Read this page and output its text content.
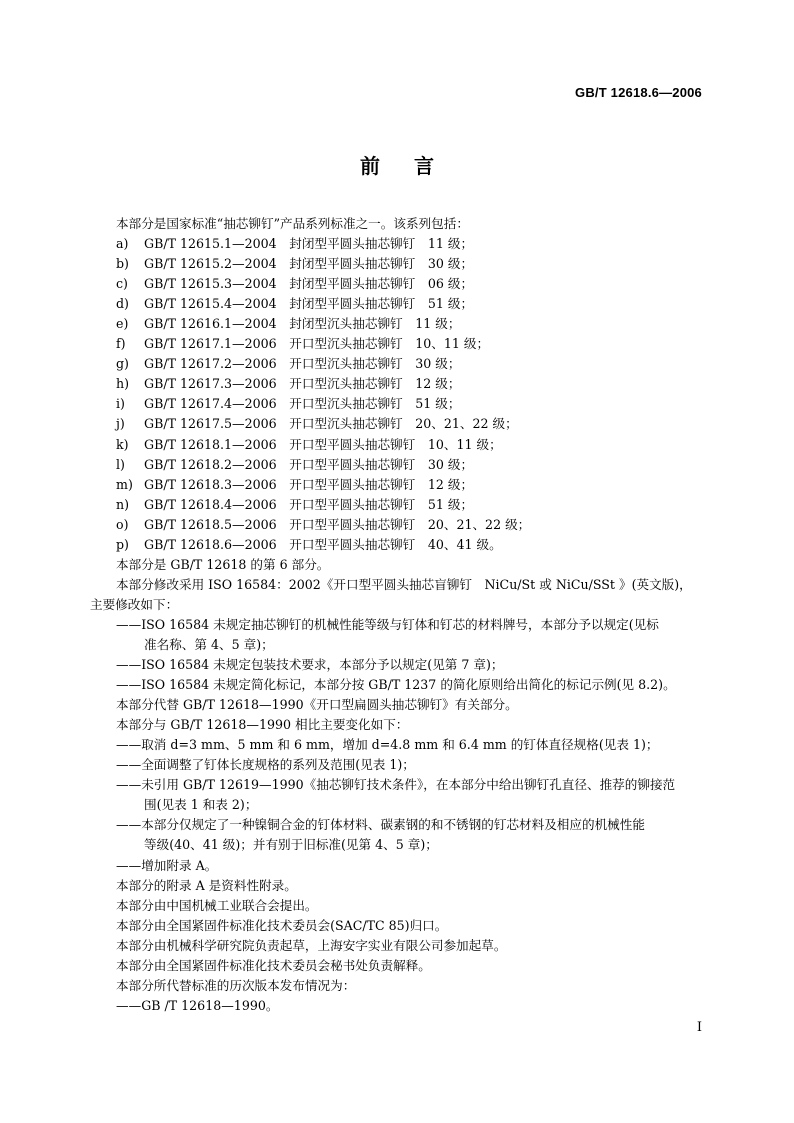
GB/T 12618.6—2006
前言

本部分是国家标准“抽芯铆钉”产品系列标准之一。该系列包括：

a) GB/T 12615.1—2004　封闭型平圆头抽芯铆钉　11 级；

b) GB/T 12615.2—2004　封闭型平圆头抽芯铆钉　30 级；

c) GB/T 12615.3—2004　封闭型平圆头抽芯铆钉　06 级；

d) GB/T 12615.4—2004　封闭型平圆头抽芯铆钉　51 级；

e) GB/T 12616.1—2004　封闭型沉头抽芯铆钉　11 级；

f) GB/T 12617.1—2006　开口型沉头抽芯铆钉　10、11 级；

g) GB/T 12617.2—2006　开口型沉头抽芯铆钉　30 级；

h) GB/T 12617.3—2006　开口型沉头抽芯铆钉　12 级；

i) GB/T 12617.4—2006　开口型沉头抽芯铆钉　51 级；

j) GB/T 12617.5—2006　开口型沉头抽芯铆钉　20、21、22 级；

k) GB/T 12618.1—2006　开口型平圆头抽芯铆钉　10、11 级；

l) GB/T 12618.2—2006　开口型平圆头抽芯铆钉　30 级；

m) GB/T 12618.3—2006　开口型平圆头抽芯铆钉　12 级；

n) GB/T 12618.4—2006　开口型平圆头抽芯铆钉　51 级；

o) GB/T 12618.5—2006　开口型平圆头抽芯铆钉　20、21、22 级；

p) GB/T 12618.6—2006　开口型平圆头抽芯铆钉　40、41 级。

本部分是 GB/T 12618 的第 6 部分。

本部分修改采用 ISO 16584：2002《开口型平圆头抽芯盲铆钉　NiCu/St 或 NiCu/SSt 》(英文版)，

主要修改如下：

——ISO 16584 未规定抽芯铆钉的机械性能等级与钉体和钉芯的材料牌号，本部分予以规定(见标
准名称、第 4、5 章)；

——ISO 16584 未规定包装技术要求，本部分予以规定(见第 7 章)；

——ISO 16584 未规定简化标记，本部分按 GB/T 1237 的简化原则给出简化的标记示例(见 8.2)。

本部分代替 GB/T 12618—1990《开口型扁圆头抽芯铆钉》有关部分。

本部分与 GB/T 12618—1990 相比主要变化如下：

——取消 d=3 mm、5 mm 和 6 mm，增加 d=4.8 mm 和 6.4 mm 的钉体直径规格(见表 1)；

——全面调整了钉体长度规格的系列及范围(见表 1)；

——未引用 GB/T 12619—1990《抽芯铆钉技术条件》，在本部分中给出铆钉孔直径、推荐的铆接范
围(见表 1 和表 2)；

——本部分仅规定了一种镍铜合金的钉体材料、碳素钢的和不锈钢的钉芯材料及相应的机械性能
等级(40、41 级)；并有别于旧标准(见第 4、5 章)；

——增加附录 A。

本部分的附录 A 是资料性附录。

本部分由中国机械工业联合会提出。

本部分由全国紧固件标准化技术委员会(SAC/TC 85)归口。

本部分由机械科学研究院负责起草，上海安字实业有限公司参加起草。

本部分由全国紧固件标准化技术委员会秘书处负责解释。

本部分所代替标准的历次版本发布情况为：

——GB /T 12618—1990。

I
